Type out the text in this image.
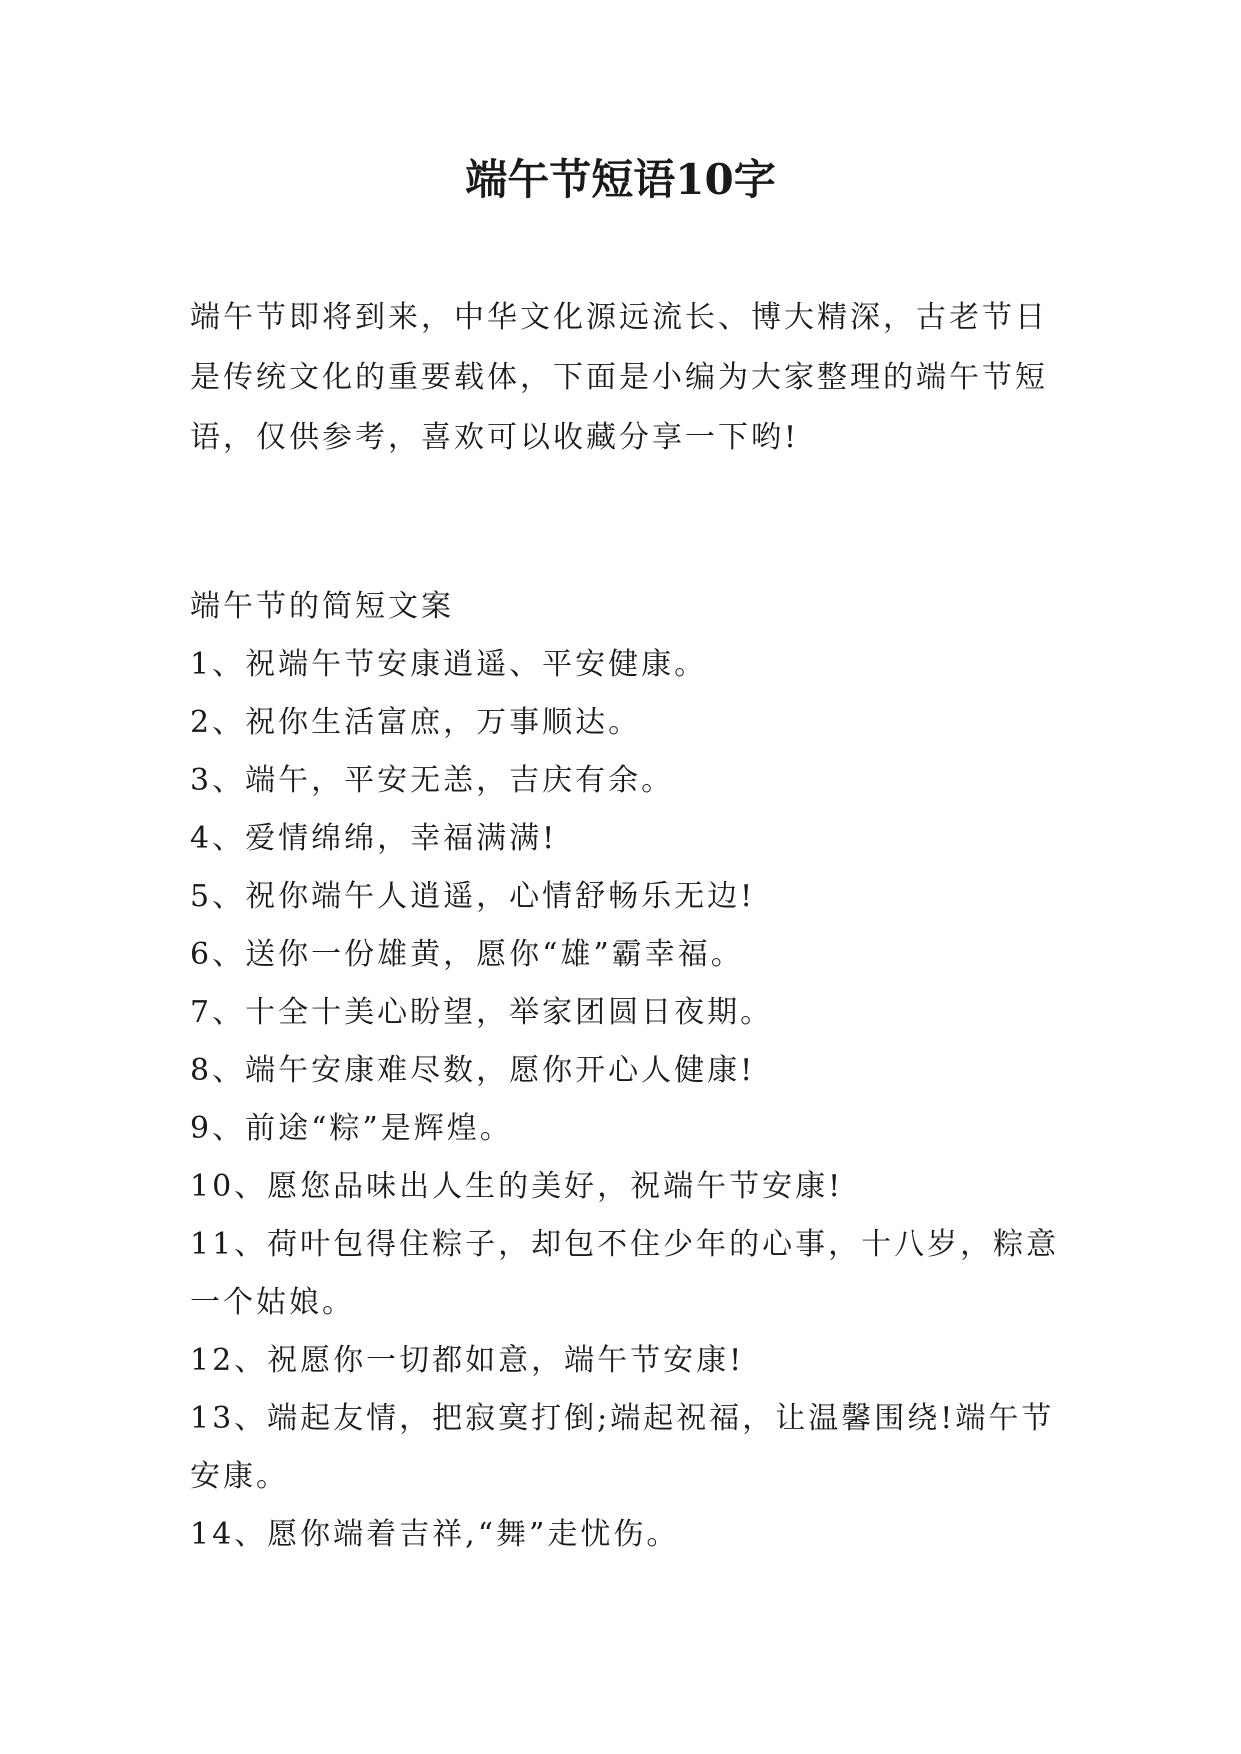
端午节短语10字

端午节即将到来，中华文化源远流长、博大精深，古老节日是传统文化的重要载体，下面是小编为大家整理的端午节短语，仅供参考，喜欢可以收藏分享一下哟!

端午节的简短文案

1、祝端午节安康逍遥、平安健康。
2、祝你生活富庶，万事顺达。
3、端午，平安无恙，吉庆有余。
4、爱情绵绵，幸福满满!
5、祝你端午人逍遥，心情舒畅乐无边!
6、送你一份雄黄，愿你“雄”霸幸福。
7、十全十美心盼望，举家团圆日夜期。
8、端午安康难尽数，愿你开心人健康!
9、前途“粽”是辉煌。
10、愿您品味出人生的美好，祝端午节安康!
11、荷叶包得住粽子，却包不住少年的心事，十八岁，粽意一个姑娘。
12、祝愿你一切都如意，端午节安康!
13、端起友情，把寂寞打倒;端起祝福，让温馨围绕!端午节安康。
14、愿你端着吉祥,“舞”走忧伤。
